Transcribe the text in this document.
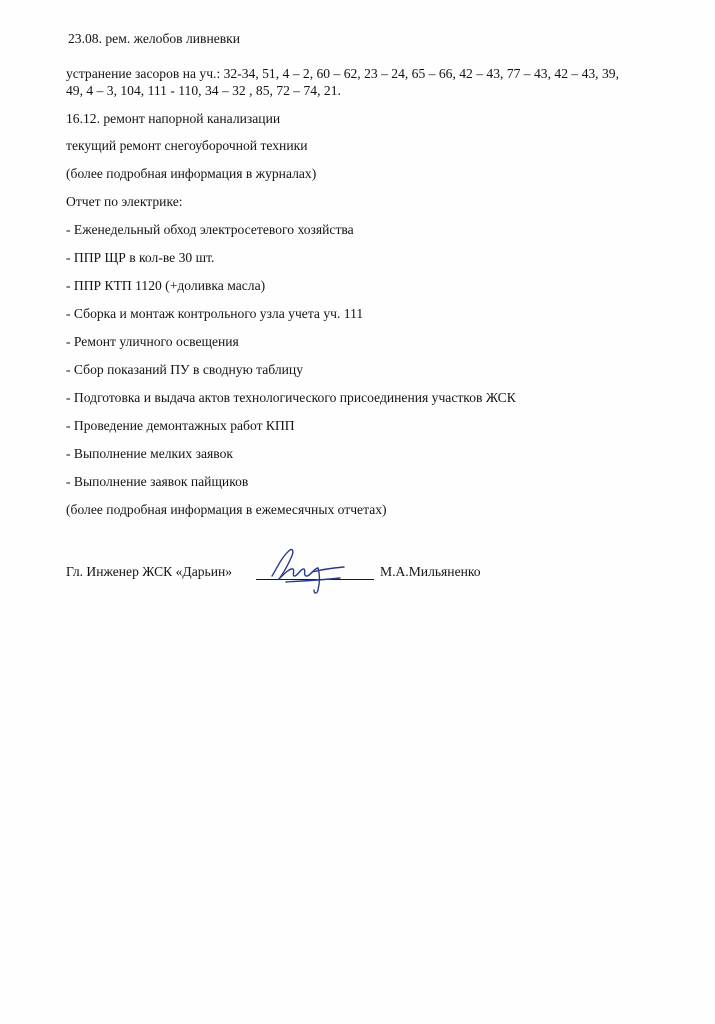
23.08. рем. желобов ливневки
устранение засоров на уч.: 32-34, 51, 4 – 2, 60 – 62, 23 – 24, 65 – 66, 42 – 43, 77 – 43, 42 – 43, 39,
49, 4 – 3, 104, 111 - 110, 34 – 32 , 85, 72 – 74, 21.
16.12. ремонт напорной канализации
текущий ремонт снегоуборочной техники
(более подробная информация в журналах)
Отчет по электрике:
- Еженедельный обход электросетевого хозяйства
- ППР ЩР в кол-ве 30 шт.
- ППР КТП 1120 (+доливка масла)
- Сборка и монтаж контрольного узла учета уч. 111
- Ремонт уличного освещения
- Сбор показаний ПУ в сводную таблицу
- Подготовка и выдача актов технологического присоединения участков ЖСК
- Проведение демонтажных работ КПП
- Выполнение мелких заявок
- Выполнение заявок пайщиков
(более подробная информация в ежемесячных отчетах)
Гл. Инженер ЖСК «Дарьин»	М.А.Мильяненко
